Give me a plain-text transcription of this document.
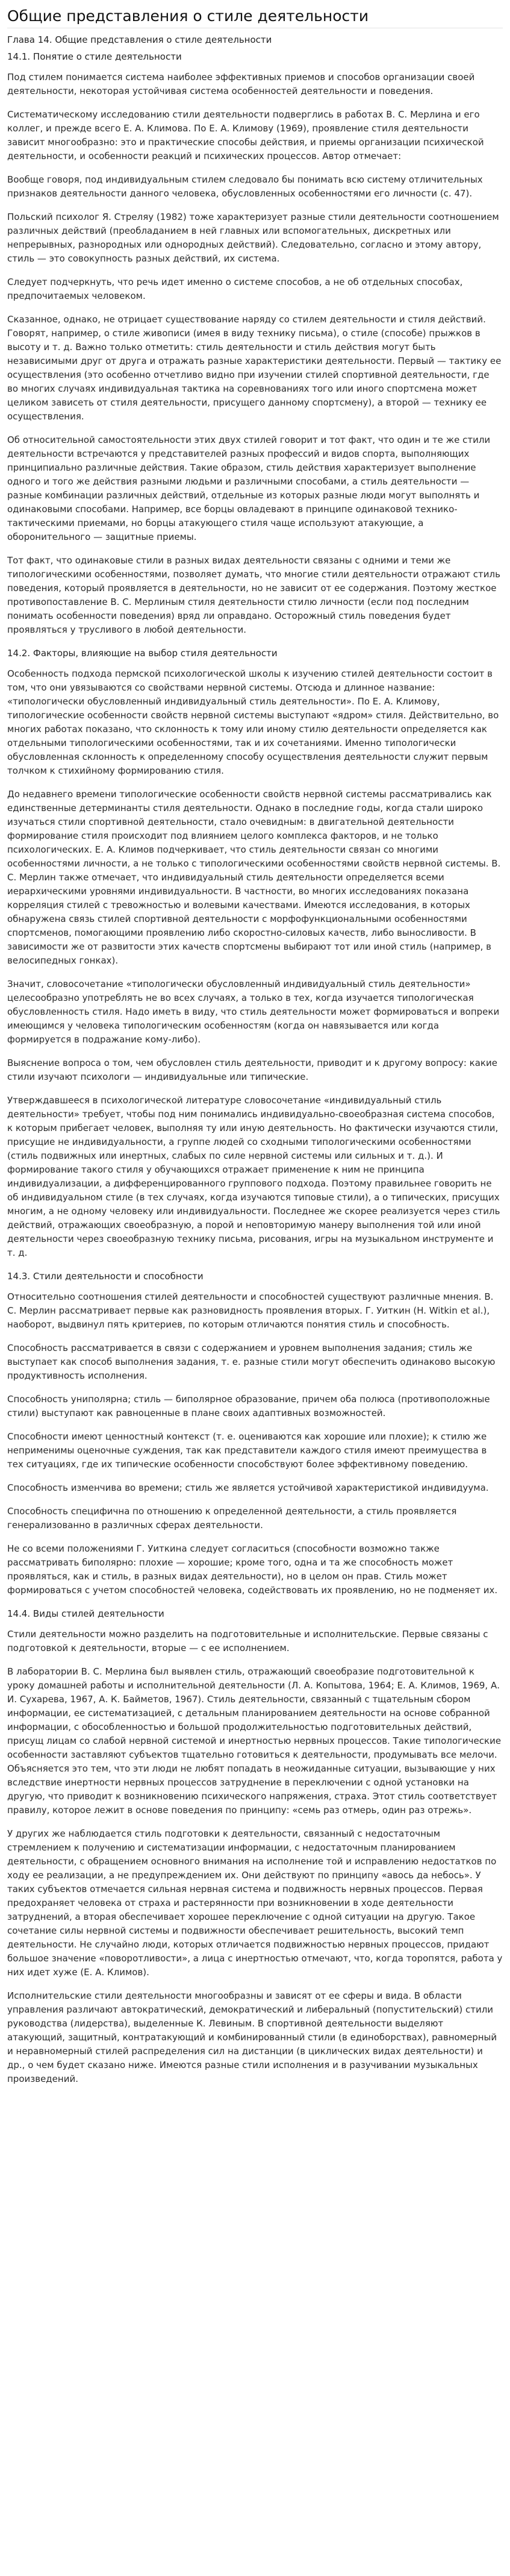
Общие представления о стиле деятельности
Глава 14. Общие представления о стиле деятельности
14.1. Понятие о стиле деятельности

Под стилем понимается система наиболее эффективных приемов и способов организации своей деятельности, некоторая устойчивая система особенностей деятельности и поведения.

Систематическому исследованию стили деятельности подверглись в работах В. С. Мерлина и его коллег, и прежде всего Е. А. Климова. По Е. А. Климову (1969), проявление стиля деятельности зависит многообразно: это и практические способы действия, и приемы организации психической деятельности, и особенности реакций и психических процессов. Автор отмечает:

Вообще говоря, под индивидуальным стилем следовало бы понимать всю систему отличительных признаков деятельности данного человека, обусловленных особенностями его личности (с. 47).

Польский психолог Я. Стреляу (1982) тоже характеризует разные стили деятельности соотношением различных действий (преобладанием в ней главных или вспомогательных, дискретных или непрерывных, разнородных или однородных действий). Следовательно, согласно и этому автору, стиль — это совокупность разных действий, их система.

Следует подчеркнуть, что речь идет именно о системе способов, а не об отдельных способах, предпочитаемых человеком.

Сказанное, однако, не отрицает существование наряду со стилем деятельности и стиля действий. Говорят, например, о стиле живописи (имея в виду технику письма), о стиле (способе) прыжков в высоту и т. д. Важно только отметить: стиль деятельности и стиль действия могут быть независимыми друг от друга и отражать разные характеристики деятельности. Первый — тактику ее осуществления (это особенно отчетливо видно при изучении стилей спортивной деятельности, где во многих случаях индивидуальная тактика на соревнованиях того или иного спортсмена может целиком зависеть от стиля деятельности, присущего данному спортсмену), а второй — технику ее осуществления.

Об относительной самостоятельности этих двух стилей говорит и тот факт, что один и те же стили деятельности встречаются у представителей разных профессий и видов спорта, выполняющих принципиально различные действия. Такие образом, стиль действия характеризует выполнение одного и того же действия разными людьми и различными способами, а стиль деятельности — разные комбинации различных действий, отдельные из которых разные люди могут выполнять и одинаковыми способами. Например, все борцы овладевают в принципе одинаковой технико-тактическими приемами, но борцы атакующего стиля чаще используют атакующие, а оборонительного — защитные приемы.

Тот факт, что одинаковые стили в разных видах деятельности связаны с одними и теми же типологическими особенностями, позволяет думать, что многие стили деятельности отражают стиль поведения, который проявляется в деятельности, но не зависит от ее содержания. Поэтому жесткое противопоставление В. С. Мерлиным стиля деятельности стилю личности (если под последним понимать особенности поведения) вряд ли оправдано. Осторожный стиль поведения будет проявляться у трусливого в любой деятельности.

14.2. Факторы, влияющие на выбор стиля деятельности

Особенность подхода пермской психологической школы к изучению стилей деятельности состоит в том, что они увязываются со свойствами нервной системы. Отсюда и длинное название: «типологически обусловленный индивидуальный стиль деятельности». По Е. А. Климову, типологические особенности свойств нервной системы выступают «ядром» стиля. Действительно, во многих работах показано, что склонность к тому или иному стилю деятельности определяется как отдельными типологическими особенностями, так и их сочетаниями. Именно типологически обусловленная склонность к определенному способу осуществления деятельности служит первым толчком к стихийному формированию стиля.

До недавнего времени типологические особенности свойств нервной системы рассматривались как единственные детерминанты стиля деятельности. Однако в последние годы, когда стали широко изучаться стили спортивной деятельности, стало очевидным: в двигательной деятельности формирование стиля происходит под влиянием целого комплекса факторов, и не только психологических. Е. А. Климов подчеркивает, что стиль деятельности связан со многими особенностями личности, а не только с типологическими особенностями свойств нервной системы. В. С. Мерлин также отмечает, что индивидуальный стиль деятельности определяется всеми иерархическими уровнями индивидуальности. В частности, во многих исследованиях показана корреляция стилей с тревожностью и волевыми качествами. Имеются исследования, в которых обнаружена связь стилей спортивной деятельности с морфофункциональными особенностями спортсменов, помогающими проявлению либо скоростно-силовых качеств, либо выносливости. В зависимости же от развитости этих качеств спортсмены выбирают тот или иной стиль (например, в велосипедных гонках).

Значит, словосочетание «типологически обусловленный индивидуальный стиль деятельности» целесообразно употреблять не во всех случаях, а только в тех, когда изучается типологическая обусловленность стиля. Надо иметь в виду, что стиль деятельности может формироваться и вопреки имеющимся у человека типологическим особенностям (когда он навязывается или когда формируется в подражание кому-либо).

Выяснение вопроса о том, чем обусловлен стиль деятельности, приводит и к другому вопросу: какие стили изучают психологи — индивидуальные или типические.

Утверждавшееся в психологической литературе словосочетание «индивидуальный стиль деятельности» требует, чтобы под ним понимались индивидуально-своеобразная система способов, к которым прибегает человек, выполняя ту или иную деятельность. Но фактически изучаются стили, присущие не индивидуальности, а группе людей со сходными типологическими особенностями (стиль подвижных или инертных, слабых по силе нервной системы или сильных и т. д.). И формирование такого стиля у обучающихся отражает применение к ним не принципа индивидуализации, а дифференцированного группового подхода. Поэтому правильнее говорить не об индивидуальном стиле (в тех случаях, когда изучаются типовые стили), а о типических, присущих многим, а не одному человеку или индивидуальности. Последнее же скорее реализуется через стиль действий, отражающих своеобразную, а порой и неповторимую манеру выполнения той или иной деятельности через своеобразную технику письма, рисования, игры на музыкальном инструменте и т. д.

14.3. Стили деятельности и способности

Относительно соотношения стилей деятельности и способностей существуют различные мнения. В. С. Мерлин рассматривает первые как разновидность проявления вторых. Г. Уиткин (H. Witkin et al.), наоборот, выдвинул пять критериев, по которым отличаются понятия стиль и способность.

Способность рассматривается в связи с содержанием и уровнем выполнения задания; стиль же выступает как способ выполнения задания, т. е. разные стили могут обеспечить одинаково высокую продуктивность исполнения.

Способность униполярна; стиль — биполярное образование, причем оба полюса (противоположные стили) выступают как равноценные в плане своих адаптивных возможностей.

Способности имеют ценностный контекст (т. е. оцениваются как хорошие или плохие); к стилю же неприменимы оценочные суждения, так как представители каждого стиля имеют преимущества в тех ситуациях, где их типические особенности способствуют более эффективному поведению.

Способность изменчива во времени; стиль же является устойчивой характеристикой индивидуума.

Способность специфична по отношению к определенной деятельности, а стиль проявляется генерализованно в различных сферах деятельности.

Не со всеми положениями Г. Уиткина следует согласиться (способности возможно также рассматривать биполярно: плохие — хорошие; кроме того, одна и та же способность может проявляться, как и стиль, в разных видах деятельности), но в целом он прав. Стиль может формироваться с учетом способностей человека, содействовать их проявлению, но не подменяет их.

14.4. Виды стилей деятельности

Стили деятельности можно разделить на подготовительные и исполнительские. Первые связаны с подготовкой к деятельности, вторые — с ее исполнением.

В лаборатории В. С. Мерлина был выявлен стиль, отражающий своеобразие подготовительной к уроку домашней работы и исполнительной деятельности (Л. А. Копытова, 1964; Е. А. Климов, 1969, А. И. Сухарева, 1967, А. К. Байметов, 1967). Стиль деятельности, связанный с тщательным сбором информации, ее систематизацией, с детальным планированием деятельности на основе собранной информации, с обособленностью и большой продолжительностью подготовительных действий, присущ лицам со слабой нервной системой и инертностью нервных процессов. Такие типологические особенности заставляют субъектов тщательно готовиться к деятельности, продумывать все мелочи. Объясняется это тем, что эти люди не любят попадать в неожиданные ситуации, вызывающие у них вследствие инертности нервных процессов затруднение в переключении с одной установки на другую, что приводит к возникновению психического напряжения, страха. Этот стиль соответствует правилу, которое лежит в основе поведения по принципу: «семь раз отмерь, один раз отрежь».

У других же наблюдается стиль подготовки к деятельности, связанный с недостаточным стремлением к получению и систематизации информации, с недостаточным планированием деятельности, с обращением основного внимания на исполнение той и исправлению недостатков по ходу ее реализации, а не предупреждением их. Они действуют по принципу «авось да небось». У таких субъектов отмечается сильная нервная система и подвижность нервных процессов. Первая предохраняет человека от страха и растерянности при возникновении в ходе деятельности затруднений, а вторая обеспечивает хорошее переключение с одной ситуации на другую. Такое сочетание силы нервной системы и подвижности обеспечивает решительность, высокий темп деятельности. Не случайно люди, которых отличается подвижностью нервных процессов, придают большое значение «поворотливости», а лица с инертностью отмечают, что, когда торопятся, работа у них идет хуже (Е. А. Климов).

Исполнительские стили деятельности многообразны и зависят от ее сферы и вида. В области управления различают автократический, демократический и либеральный (попустительский) стили руководства (лидерства), выделенные К. Левиным. В спортивной деятельности выделяют атакующий, защитный, контратакующий и комбинированный стили (в единоборствах), равномерный и неравномерный стилей распределения сил на дистанции (в циклических видах деятельности) и др., о чем будет сказано ниже. Имеются разные стили исполнения и в разучивании музыкальных произведений.
